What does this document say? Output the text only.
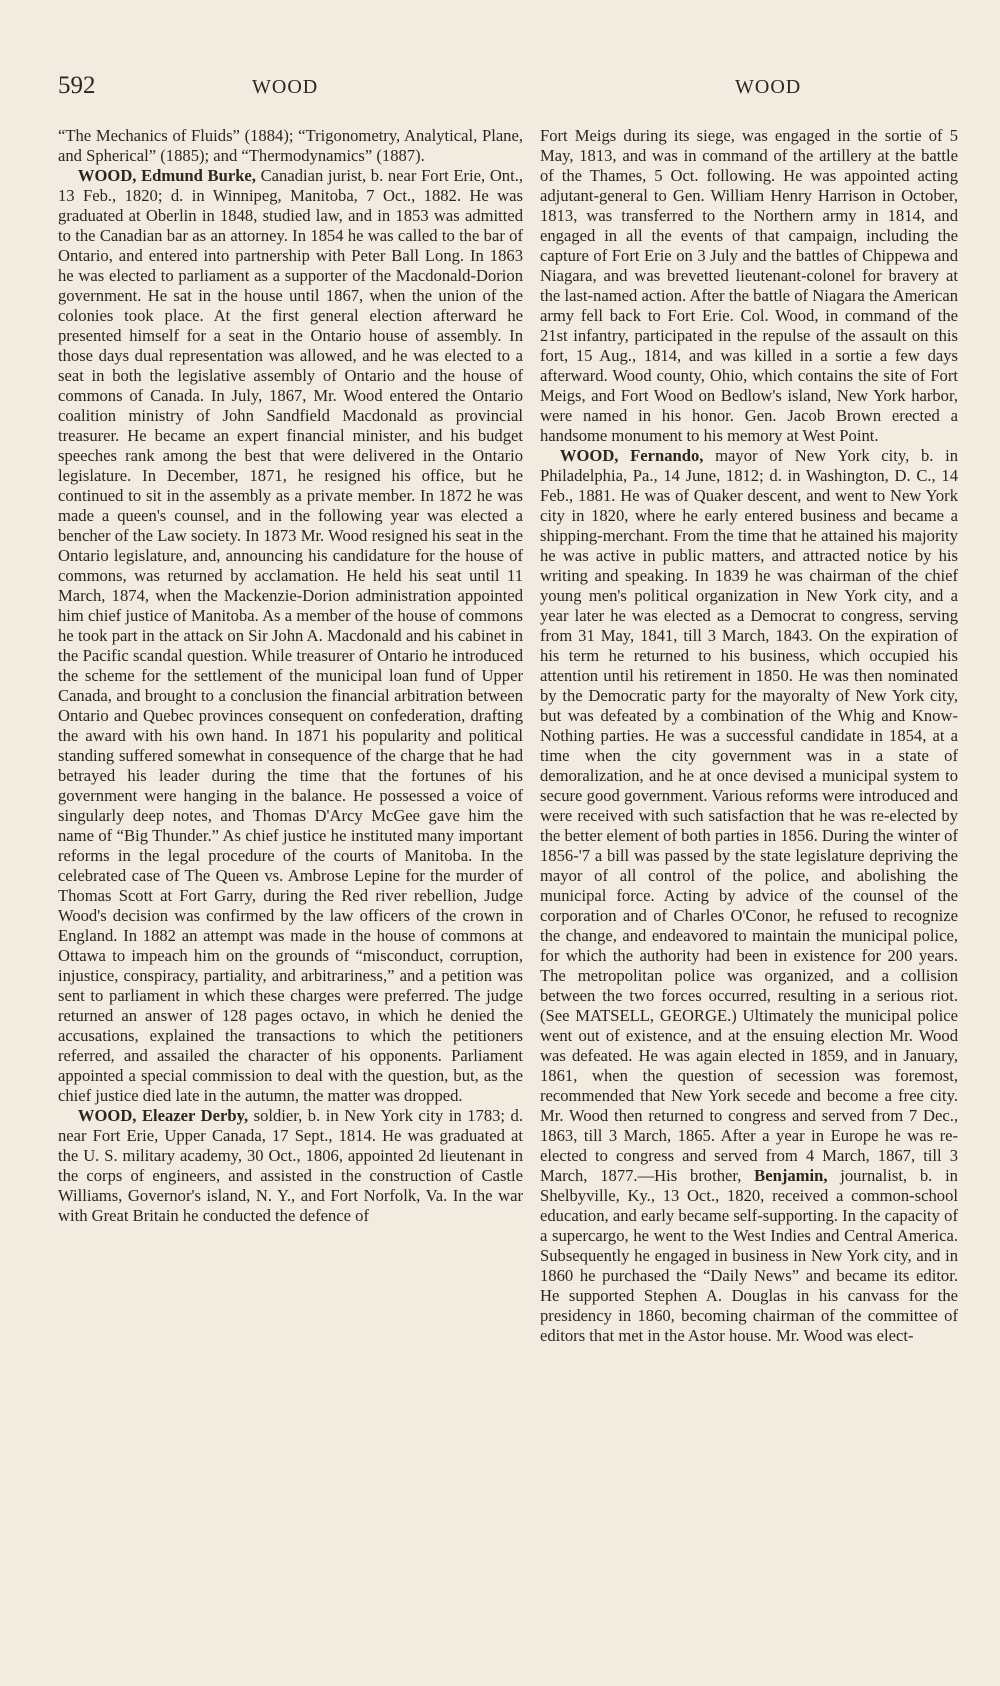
592	WOOD	WOOD

“The Mechanics of Fluids” (1884); “Trigonometry, Analytical, Plane, and Spherical” (1885); and “Thermodynamics” (1887).

WOOD, Edmund Burke, Canadian jurist, b. near Fort Erie, Ont., 13 Feb., 1820; d. in Winnipeg, Manitoba, 7 Oct., 1882. He was graduated at Oberlin in 1848, studied law, and in 1853 was admitted to the Canadian bar as an attorney. In 1854 he was called to the bar of Ontario, and entered into partnership with Peter Ball Long. In 1863 he was elected to parliament as a supporter of the Macdonald-Dorion government. He sat in the house until 1867, when the union of the colonies took place. At the first general election afterward he presented himself for a seat in the Ontario house of assembly. In those days dual representation was allowed, and he was elected to a seat in both the legislative assembly of Ontario and the house of commons of Canada. In July, 1867, Mr. Wood entered the Ontario coalition ministry of John Sandfield Macdonald as provincial treasurer. He became an expert financial minister, and his budget speeches rank among the best that were delivered in the Ontario legislature. In December, 1871, he resigned his office, but he continued to sit in the assembly as a private member. In 1872 he was made a queen's counsel, and in the following year was elected a bencher of the Law society. In 1873 Mr. Wood resigned his seat in the Ontario legislature, and, announcing his candidature for the house of commons, was returned by acclamation. He held his seat until 11 March, 1874, when the Mackenzie-Dorion administration appointed him chief justice of Manitoba. As a member of the house of commons he took part in the attack on Sir John A. Macdonald and his cabinet in the Pacific scandal question. While treasurer of Ontario he introduced the scheme for the settlement of the municipal loan fund of Upper Canada, and brought to a conclusion the financial arbitration between Ontario and Quebec provinces consequent on confederation, drafting the award with his own hand. In 1871 his popularity and political standing suffered somewhat in consequence of the charge that he had betrayed his leader during the time that the fortunes of his government were hanging in the balance. He possessed a voice of singularly deep notes, and Thomas D'Arcy McGee gave him the name of “Big Thunder.” As chief justice he instituted many important reforms in the legal procedure of the courts of Manitoba. In the celebrated case of The Queen vs. Ambrose Lepine for the murder of Thomas Scott at Fort Garry, during the Red river rebellion, Judge Wood's decision was confirmed by the law officers of the crown in England. In 1882 an attempt was made in the house of commons at Ottawa to impeach him on the grounds of “misconduct, corruption, injustice, conspiracy, partiality, and arbitrariness,” and a petition was sent to parliament in which these charges were preferred. The judge returned an answer of 128 pages octavo, in which he denied the accusations, explained the transactions to which the petitioners referred, and assailed the character of his opponents. Parliament appointed a special commission to deal with the question, but, as the chief justice died late in the autumn, the matter was dropped.

WOOD, Eleazer Derby, soldier, b. in New York city in 1783; d. near Fort Erie, Upper Canada, 17 Sept., 1814. He was graduated at the U. S. military academy, 30 Oct., 1806, appointed 2d lieutenant in the corps of engineers, and assisted in the construction of Castle Williams, Governor's island, N. Y., and Fort Norfolk, Va. In the war with Great Britain he conducted the defence of

Fort Meigs during its siege, was engaged in the sortie of 5 May, 1813, and was in command of the artillery at the battle of the Thames, 5 Oct. following. He was appointed acting adjutant-general to Gen. William Henry Harrison in October, 1813, was transferred to the Northern army in 1814, and engaged in all the events of that campaign, including the capture of Fort Erie on 3 July and the battles of Chippewa and Niagara, and was brevetted lieutenant-colonel for bravery at the last-named action. After the battle of Niagara the American army fell back to Fort Erie. Col. Wood, in command of the 21st infantry, participated in the repulse of the assault on this fort, 15 Aug., 1814, and was killed in a sortie a few days afterward. Wood county, Ohio, which contains the site of Fort Meigs, and Fort Wood on Bedlow's island, New York harbor, were named in his honor. Gen. Jacob Brown erected a handsome monument to his memory at West Point.

WOOD, Fernando, mayor of New York city, b. in Philadelphia, Pa., 14 June, 1812; d. in Washington, D. C., 14 Feb., 1881. He was of Quaker descent, and went to New York city in 1820, where he early entered business and became a shipping-merchant. From the time that he attained his majority he was active in public matters, and attracted notice by his writing and speaking. In 1839 he was chairman of the chief young men's political organization in New York city, and a year later he was elected as a Democrat to congress, serving from 31 May, 1841, till 3 March, 1843. On the expiration of his term he returned to his business, which occupied his attention until his retirement in 1850. He was then nominated by the Democratic party for the mayoralty of New York city, but was defeated by a combination of the Whig and Know-Nothing parties. He was a successful candidate in 1854, at a time when the city government was in a state of demoralization, and he at once devised a municipal system to secure good government. Various reforms were introduced and were received with such satisfaction that he was re-elected by the better element of both parties in 1856. During the winter of 1856-'7 a bill was passed by the state legislature depriving the mayor of all control of the police, and abolishing the municipal force. Acting by advice of the counsel of the corporation and of Charles O'Conor, he refused to recognize the change, and endeavored to maintain the municipal police, for which the authority had been in existence for 200 years. The metropolitan police was organized, and a collision between the two forces occurred, resulting in a serious riot. (See MATSELL, GEORGE.) Ultimately the municipal police went out of existence, and at the ensuing election Mr. Wood was defeated. He was again elected in 1859, and in January, 1861, when the question of secession was foremost, recommended that New York secede and become a free city. Mr. Wood then returned to congress and served from 7 Dec., 1863, till 3 March, 1865. After a year in Europe he was re-elected to congress and served from 4 March, 1867, till 3 March, 1877.—His brother, Benjamin, journalist, b. in Shelbyville, Ky., 13 Oct., 1820, received a common-school education, and early became self-supporting. In the capacity of a supercargo, he went to the West Indies and Central America. Subsequently he engaged in business in New York city, and in 1860 he purchased the “Daily News” and became its editor. He supported Stephen A. Douglas in his canvass for the presidency in 1860, becoming chairman of the committee of editors that met in the Astor house. Mr. Wood was elect-
